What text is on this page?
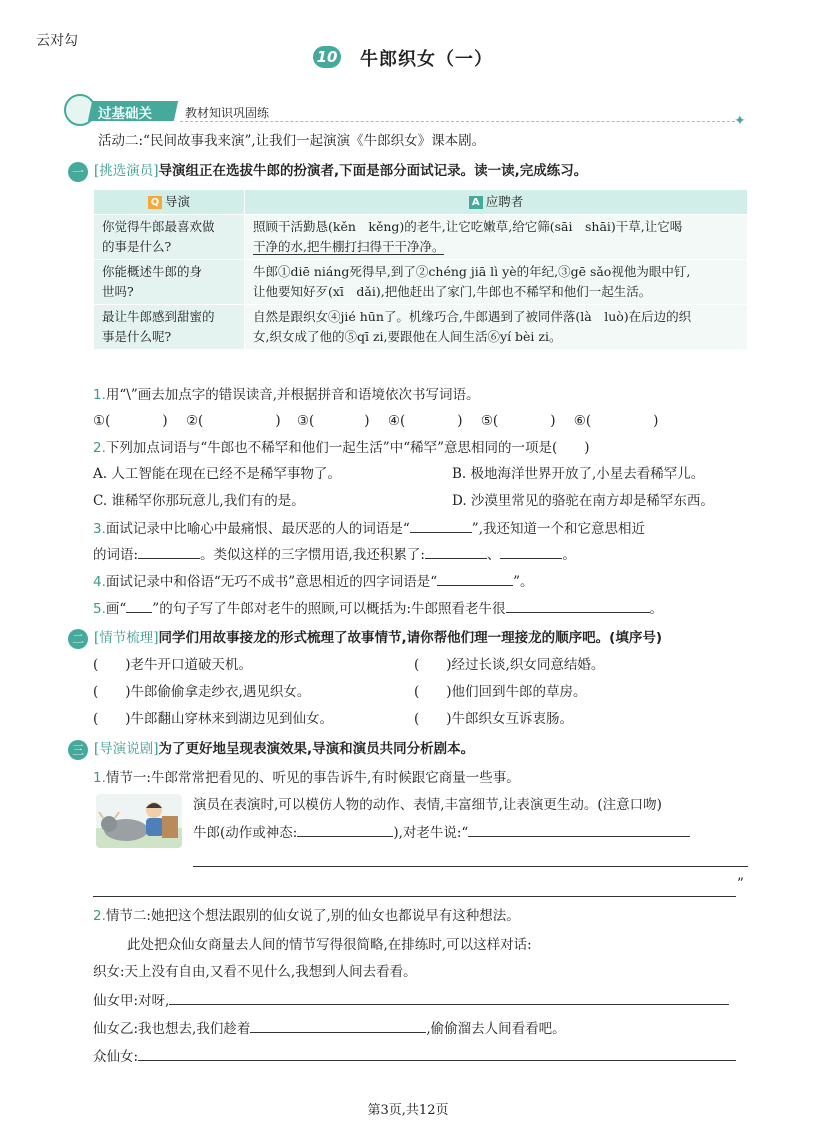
云对勾
10 牛郎织女（一）
过基础关	教材知识巩固练	✦
活动二:“民间故事我来演”,让我们一起演演《牛郎织女》课本剧。
一 [挑选演员]导演组正在选拔牛郎的扮演者,下面是部分面试记录。读一读,完成练习。
Q 导演	A 应聘者
你觉得牛郎最喜欢做
的事是什么?	照顾干活勤恳(kěn　kěng)的老牛,让它吃嫩草,给它筛(sāi　shāi)干草,让它喝
干净的水,把牛棚打扫得干干净净。
你能概述牛郎的身
世吗?	牛郎①diē niáng死得早,到了②chéng jiā lì yè的年纪,③gē sǎo视他为眼中钉,
让他要知好歹(xī　dǎi),把他赶出了家门,牛郎也不稀罕和他们一起生活。
最让牛郎感到甜蜜的
事是什么呢?	自然是跟织女④jié hūn了。机缘巧合,牛郎遇到了被同伴落(là　luò)在后边的织
女,织女成了他的⑤qī zi,要跟他在人间生活⑥yí bèi zi。
1.用“\”画去加点字的错误读音,并根据拼音和语境依次书写词语。
①(	) ②(	) ③(	) ④(	) ⑤(	) ⑥(	)
2.下列加点词语与“牛郎也不稀罕和他们一起生活”中“稀罕”意思相同的一项是(　　)
A. 人工智能在现在已经不是稀罕事物了。	B. 极地海洋世界开放了,小星去看稀罕儿。
C. 谁稀罕你那玩意儿,我们有的是。	D. 沙漠里常见的骆驼在南方却是稀罕东西。
3.面试记录中比喻心中最痛恨、最厌恶的人的词语是“	”,我还知道一个和它意思相近
的词语:	。类似这样的三字惯用语,我还积累了:	、	。
4.面试记录中和俗语“无巧不成书”意思相近的四字词语是“	”。
5.画“ ”的句子写了牛郎对老牛的照顾,可以概括为:牛郎照看老牛很	。
二 [情节梳理]同学们用故事接龙的形式梳理了故事情节,请你帮他们理一理接龙的顺序吧。(填序号)
(　　)老牛开口道破天机。	(　　)经过长谈,织女同意结婚。
(　　)牛郎偷偷拿走纱衣,遇见织女。	(　　)他们回到牛郎的草房。
(　　)牛郎翻山穿林来到湖边见到仙女。	(　　)牛郎织女互诉衷肠。
三 [导演说剧]为了更好地呈现表演效果,导演和演员共同分析剧本。
1.情节一:牛郎常常把看见的、听见的事告诉牛,有时候跟它商量一些事。
演员在表演时,可以模仿人物的动作、表情,丰富细节,让表演更生动。(注意口吻)
牛郎(动作或神态:	),对老牛说:“
”
2.情节二:她把这个想法跟别的仙女说了,别的仙女也都说早有这种想法。
此处把众仙女商量去人间的情节写得很简略,在排练时,可以这样对话:
织女:天上没有自由,又看不见什么,我想到人间去看看。
仙女甲:对呀,
仙女乙:我也想去,我们趁着	,偷偷溜去人间看看吧。
众仙女:
第3页,共12页
